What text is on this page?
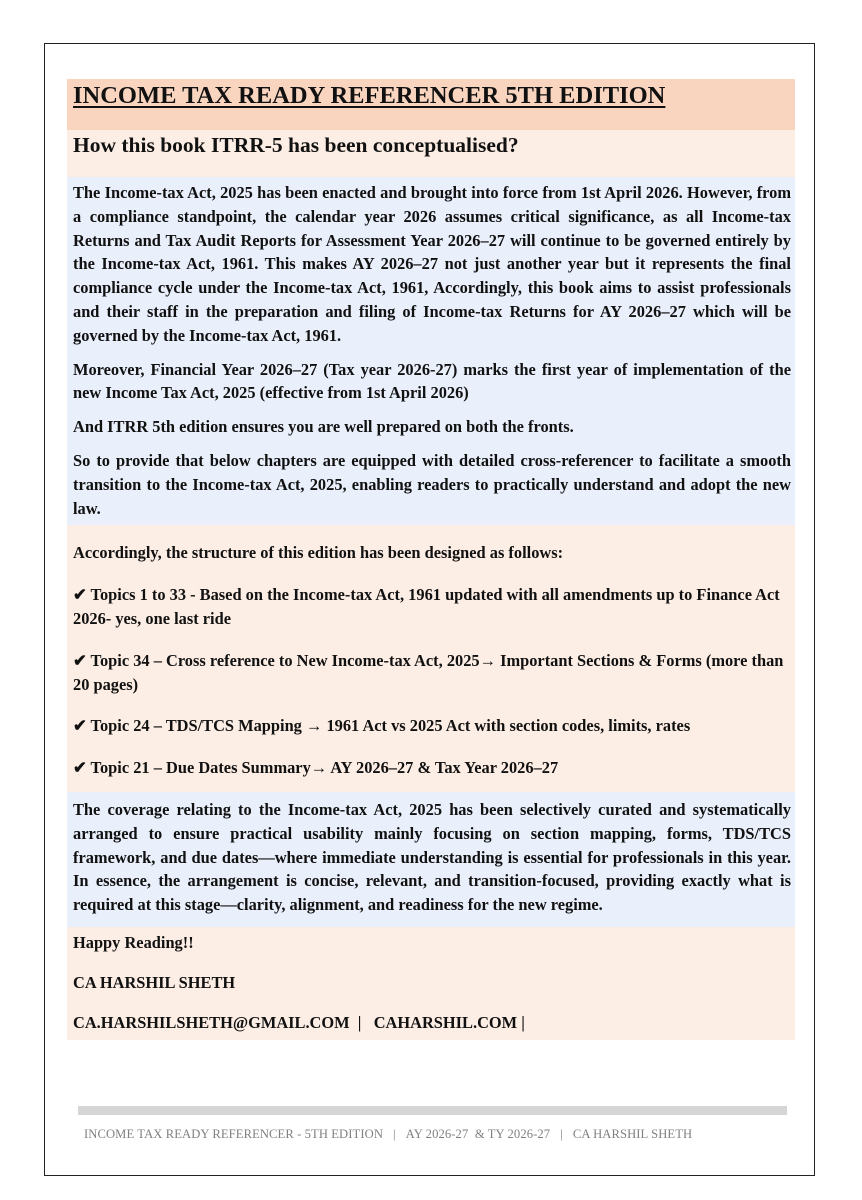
INCOME TAX READY REFERENCER 5TH EDITION
How this book ITRR-5 has been conceptualised?

The Income-tax Act, 2025 has been enacted and brought into force from 1st April 2026. However, from a compliance standpoint, the calendar year 2026 assumes critical significance, as all Income-tax Returns and Tax Audit Reports for Assessment Year 2026–27 will continue to be governed entirely by the Income-tax Act, 1961. This makes AY 2026–27 not just another year but it represents the final compliance cycle under the Income-tax Act, 1961, Accordingly, this book aims to assist professionals and their staff in the preparation and filing of Income-tax Returns for AY 2026–27 which will be governed by the Income-tax Act, 1961.

Moreover, Financial Year 2026–27 (Tax year 2026-27) marks the first year of implementation of the new Income Tax Act, 2025 (effective from 1st April 2026)

And ITRR 5th edition ensures you are well prepared on both the fronts.

So to provide that below chapters are equipped with detailed cross-referencer to facilitate a smooth transition to the Income-tax Act, 2025, enabling readers to practically understand and adopt the new law.

Accordingly, the structure of this edition has been designed as follows:

✔ Topics 1 to 33 - Based on the Income-tax Act, 1961 updated with all amendments up to Finance Act 2026- yes, one last ride

✔ Topic 34 – Cross reference to New Income-tax Act, 2025→ Important Sections & Forms (more than 20 pages)

✔ Topic 24 – TDS/TCS Mapping → 1961 Act vs 2025 Act with section codes, limits, rates

✔ Topic 21 – Due Dates Summary→ AY 2026–27 & Tax Year 2026–27

The coverage relating to the Income-tax Act, 2025 has been selectively curated and systematically arranged to ensure practical usability mainly focusing on section mapping, forms, TDS/TCS framework, and due dates—where immediate understanding is essential for professionals in this year. In essence, the arrangement is concise, relevant, and transition-focused, providing exactly what is required at this stage—clarity, alignment, and readiness for the new regime.

Happy Reading!!

CA HARSHIL SHETH

CA.HARSHILSHETH@GMAIL.COM  |   CAHARSHIL.COM |

INCOME TAX READY REFERENCER - 5TH EDITION | AY 2026-27  & TY 2026-27 | CA HARSHIL SHETH
